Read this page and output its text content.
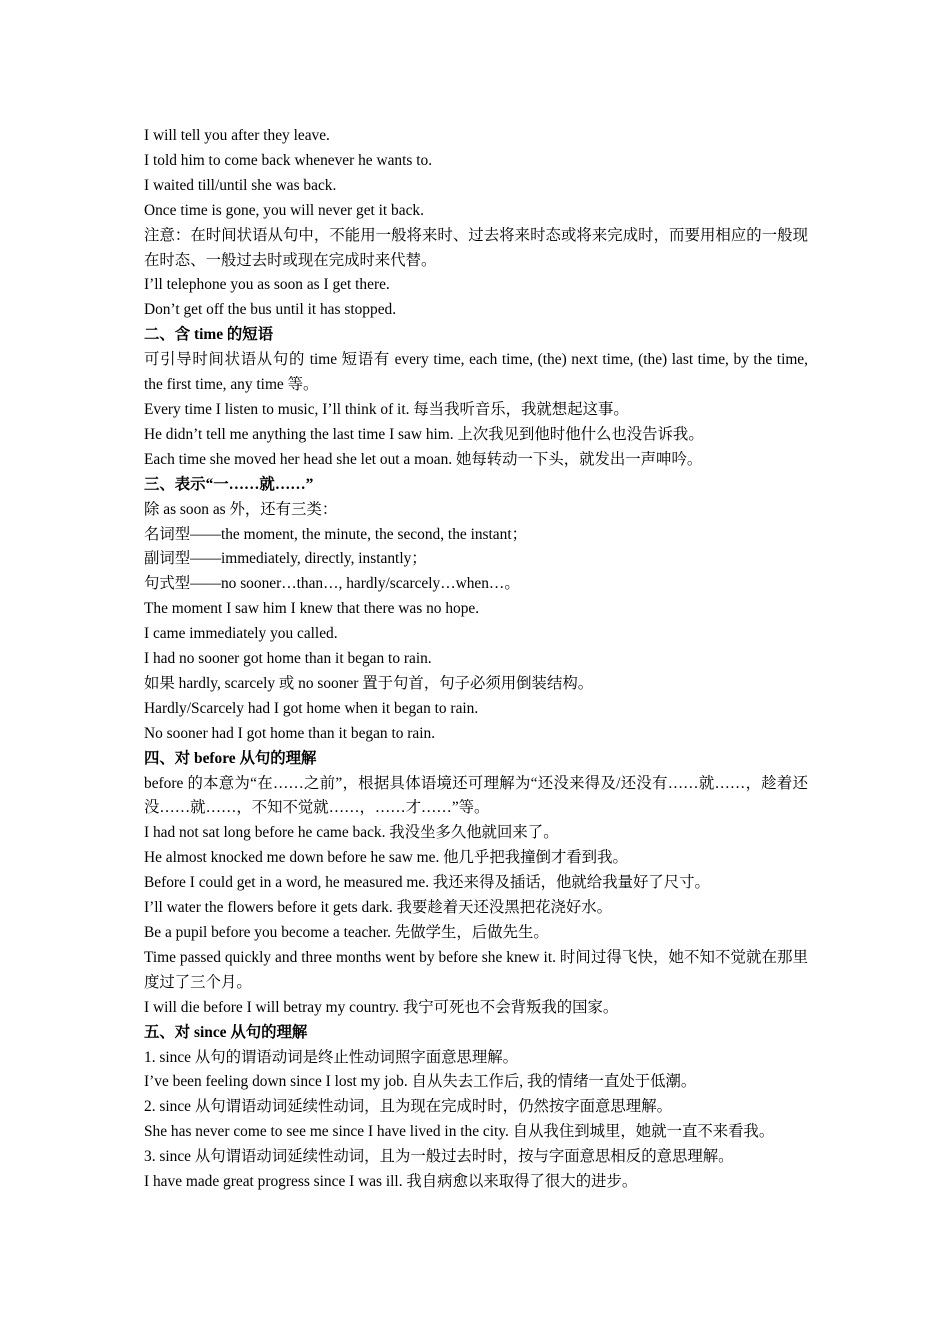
I will tell you after they leave.

I told him to come back whenever he wants to.

I waited till/until she was back.

Once time is gone, you will never get it back.

注意：在时间状语从句中，不能用一般将来时、过去将来时态或将来完成时，而要用相应的一般现在时态、一般过去时或现在完成时来代替。

I’ll telephone you as soon as I get there.

Don’t get off the bus until it has stopped.

二、含 time 的短语

可引导时间状语从句的 time 短语有 every time, each time, (the) next time, (the) last time, by the time, the first time, any time 等。

Every time I listen to music, I’ll think of it. 每当我听音乐，我就想起这事。

He didn’t tell me anything the last time I saw him. 上次我见到他时他什么也没告诉我。

Each time she moved her head she let out a moan. 她每转动一下头，就发出一声呻吟。

三、表示“一……就……”

除 as soon as 外，还有三类：

名词型——the moment, the minute, the second, the instant；

副词型——immediately, directly, instantly；

句式型——no sooner…than…, hardly/scarcely…when…。

The moment I saw him I knew that there was no hope.

I came immediately you called.

I had no sooner got home than it began to rain.

如果 hardly, scarcely 或 no sooner 置于句首，句子必须用倒装结构。

Hardly/Scarcely had I got home when it began to rain.

No sooner had I got home than it began to rain.

四、对 before 从句的理解

before 的本意为“在……之前”，根据具体语境还可理解为“还没来得及/还没有……就……，趁着还没……就……，不知不觉就……，……才……”等。

I had not sat long before he came back. 我没坐多久他就回来了。

He almost knocked me down before he saw me. 他几乎把我撞倒才看到我。

Before I could get in a word, he measured me. 我还来得及插话，他就给我量好了尺寸。

I’ll water the flowers before it gets dark. 我要趁着天还没黑把花浇好水。

Be a pupil before you become a teacher. 先做学生，后做先生。

Time passed quickly and three months went by before she knew it. 时间过得飞快，她不知不觉就在那里度过了三个月。

I will die before I will betray my country. 我宁可死也不会背叛我的国家。

五、对 since 从句的理解

1. since 从句的谓语动词是终止性动词照字面意思理解。

I’ve been feeling down since I lost my job. 自从失去工作后, 我的情绪一直处于低潮。

2. since 从句谓语动词延续性动词，且为现在完成时时，仍然按字面意思理解。

She has never come to see me since I have lived in the city. 自从我住到城里，她就一直不来看我。

3. since 从句谓语动词延续性动词，且为一般过去时时，按与字面意思相反的意思理解。

I have made great progress since I was ill. 我自病愈以来取得了很大的进步。
